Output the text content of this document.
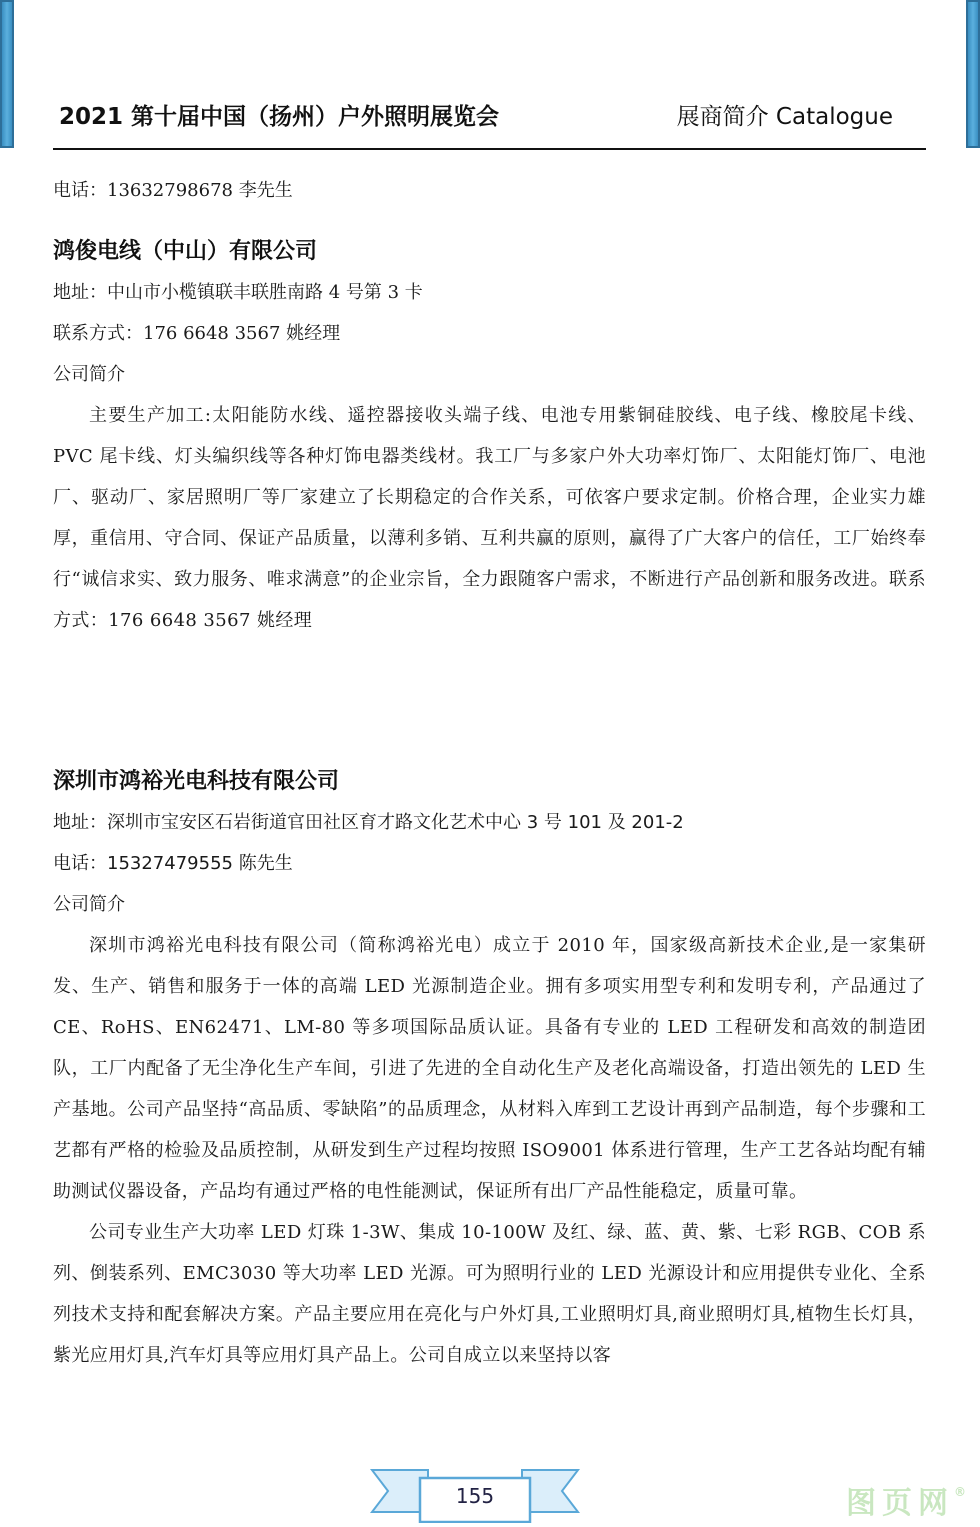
2021 第十届中国（扬州）户外照明展览会	展商简介 Catalogue

电话：13632798678 李先生

鸿俊电线（中山）有限公司

地址：中山市小榄镇联丰联胜南路 4 号第 3 卡

联系方式：176 6648 3567 姚经理

公司简介

主要生产加工:太阳能防水线、遥控器接收头端子线、电池专用紫铜硅胶线、电子线、橡胶尾卡线、PVC 尾卡线、灯头编织线等各种灯饰电器类线材。我工厂与多家户外大功率灯饰厂、太阳能灯饰厂、电池厂、驱动厂、家居照明厂等厂家建立了长期稳定的合作关系，可依客户要求定制。价格合理，企业实力雄厚，重信用、守合同、保证产品质量，以薄利多销、互利共赢的原则，赢得了广大客户的信任，工厂始终奉行“诚信求实、致力服务、唯求满意”的企业宗旨，全力跟随客户需求，不断进行产品创新和服务改进。联系方式：176 6648 3567 姚经理

深圳市鸿裕光电科技有限公司

地址：深圳市宝安区石岩街道官田社区育才路文化艺术中心 3 号 101 及 201-2

电话：15327479555 陈先生

公司简介

深圳市鸿裕光电科技有限公司（简称鸿裕光电）成立于 2010 年，国家级高新技术企业,是一家集研发、生产、销售和服务于一体的高端 LED 光源制造企业。拥有多项实用型专利和发明专利，产品通过了 CE、RoHS、EN62471、LM-80 等多项国际品质认证。具备有专业的 LED 工程研发和高效的制造团队，工厂内配备了无尘净化生产车间，引进了先进的全自动化生产及老化高端设备，打造出领先的 LED 生产基地。公司产品坚持“高品质、零缺陷”的品质理念，从材料入库到工艺设计再到产品制造，每个步骤和工艺都有严格的检验及品质控制，从研发到生产过程均按照 ISO9001 体系进行管理，生产工艺各站均配有辅助测试仪器设备，产品均有通过严格的电性能测试，保证所有出厂产品性能稳定，质量可靠。

公司专业生产大功率 LED 灯珠 1-3W、集成 10-100W 及红、绿、蓝、黄、紫、七彩 RGB、COB 系列、倒装系列、EMC3030 等大功率 LED 光源。可为照明行业的 LED 光源设计和应用提供专业化、全系列技术支持和配套解决方案。产品主要应用在亮化与户外灯具,工业照明灯具,商业照明灯具,植物生长灯具，紫光应用灯具,汽车灯具等应用灯具产品上。公司自成立以来坚持以客

155	图页网®
